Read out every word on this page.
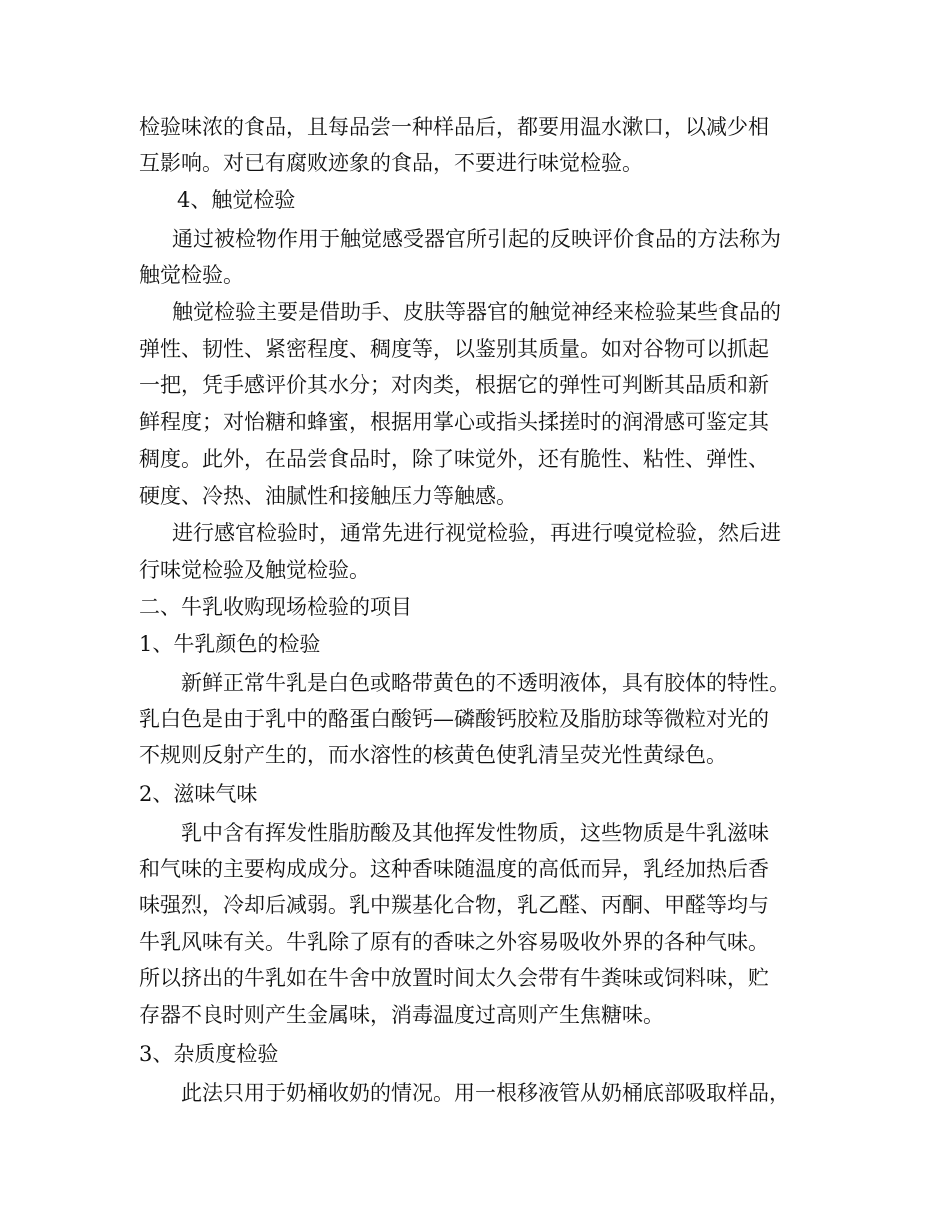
检验味浓的食品，且每品尝一种样品后，都要用温水漱口，以减少相
互影响。对已有腐败迹象的食品，不要进行味觉检验。
4、触觉检验
通过被检物作用于触觉感受器官所引起的反映评价食品的方法称为
触觉检验。
触觉检验主要是借助手、皮肤等器官的触觉神经来检验某些食品的
弹性、韧性、紧密程度、稠度等，以鉴别其质量。如对谷物可以抓起
一把，凭手感评价其水分；对肉类，根据它的弹性可判断其品质和新
鲜程度；对怡糖和蜂蜜，根据用掌心或指头揉搓时的润滑感可鉴定其
稠度。此外，在品尝食品时，除了味觉外，还有脆性、粘性、弹性、
硬度、冷热、油腻性和接触压力等触感。
进行感官检验时，通常先进行视觉检验，再进行嗅觉检验，然后进
行味觉检验及触觉检验。
二、牛乳收购现场检验的项目
1、牛乳颜色的检验
新鲜正常牛乳是白色或略带黄色的不透明液体，具有胶体的特性。
乳白色是由于乳中的酪蛋白酸钙—磷酸钙胶粒及脂肪球等微粒对光的
不规则反射产生的，而水溶性的核黄色使乳清呈荧光性黄绿色。
2、滋味气味
乳中含有挥发性脂肪酸及其他挥发性物质，这些物质是牛乳滋味
和气味的主要构成成分。这种香味随温度的高低而异，乳经加热后香
味强烈，冷却后减弱。乳中羰基化合物，乳乙醛、丙酮、甲醛等均与
牛乳风味有关。牛乳除了原有的香味之外容易吸收外界的各种气味。
所以挤出的牛乳如在牛舍中放置时间太久会带有牛粪味或饲料味，贮
存器不良时则产生金属味，消毒温度过高则产生焦糖味。
3、杂质度检验
此法只用于奶桶收奶的情况。用一根移液管从奶桶底部吸取样品，
